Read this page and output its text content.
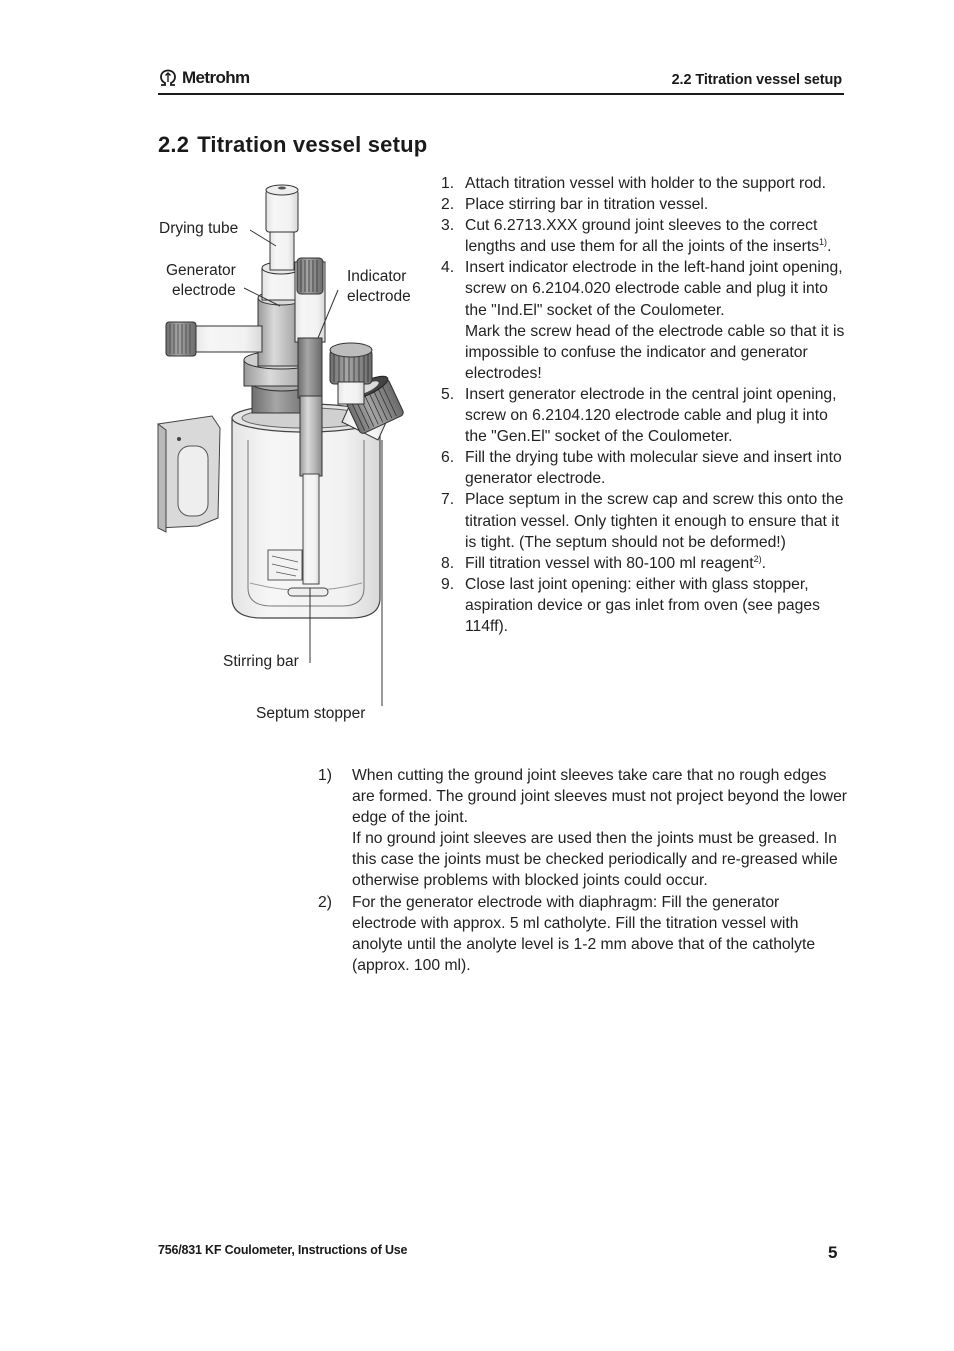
Metrohm	2.2 Titration vessel setup
2.2 Titration vessel setup
Drying tube
Generator
electrode
Indicator
electrode
Stirring bar
Septum stopper
1. Attach titration vessel with holder to the support rod.
2. Place stirring bar in titration vessel.
3. Cut 6.2713.XXX ground joint sleeves to the correct lengths and use them for all the joints of the inserts$^{1)}$.
4. Insert indicator electrode in the left-hand joint opening, screw on 6.2104.020 electrode cable and plug it into the "Ind.El" socket of the Coulometer.
Mark the screw head of the electrode cable so that it is impossible to confuse the indicator and generator electrodes!
5. Insert generator electrode in the central joint opening, screw on 6.2104.120 electrode cable and plug it into the "Gen.El" socket of the Coulometer.
6. Fill the drying tube with molecular sieve and insert into generator electrode.
7. Place septum in the screw cap and screw this onto the titration vessel. Only tighten it enough to ensure that it is tight. (The septum should not be deformed!)
8. Fill titration vessel with 80-100 ml reagent$^{2)}$.
9. Close last joint opening: either with glass stopper, aspiration device or gas inlet from oven (see pages 114ff).
1)	When cutting the ground joint sleeves take care that no rough edges are formed. The ground joint sleeves must not project beyond the lower edge of the joint.
If no ground joint sleeves are used then the joints must be greased. In this case the joints must be checked periodically and re-greased while otherwise problems with blocked joints could occur.
2)	For the generator electrode with diaphragm: Fill the generator electrode with approx. 5 ml catholyte. Fill the titration vessel with anolyte until the anolyte level is 1-2 mm above that of the catholyte (approx. 100 ml).
756/831 KF Coulometer, Instructions of Use	5
